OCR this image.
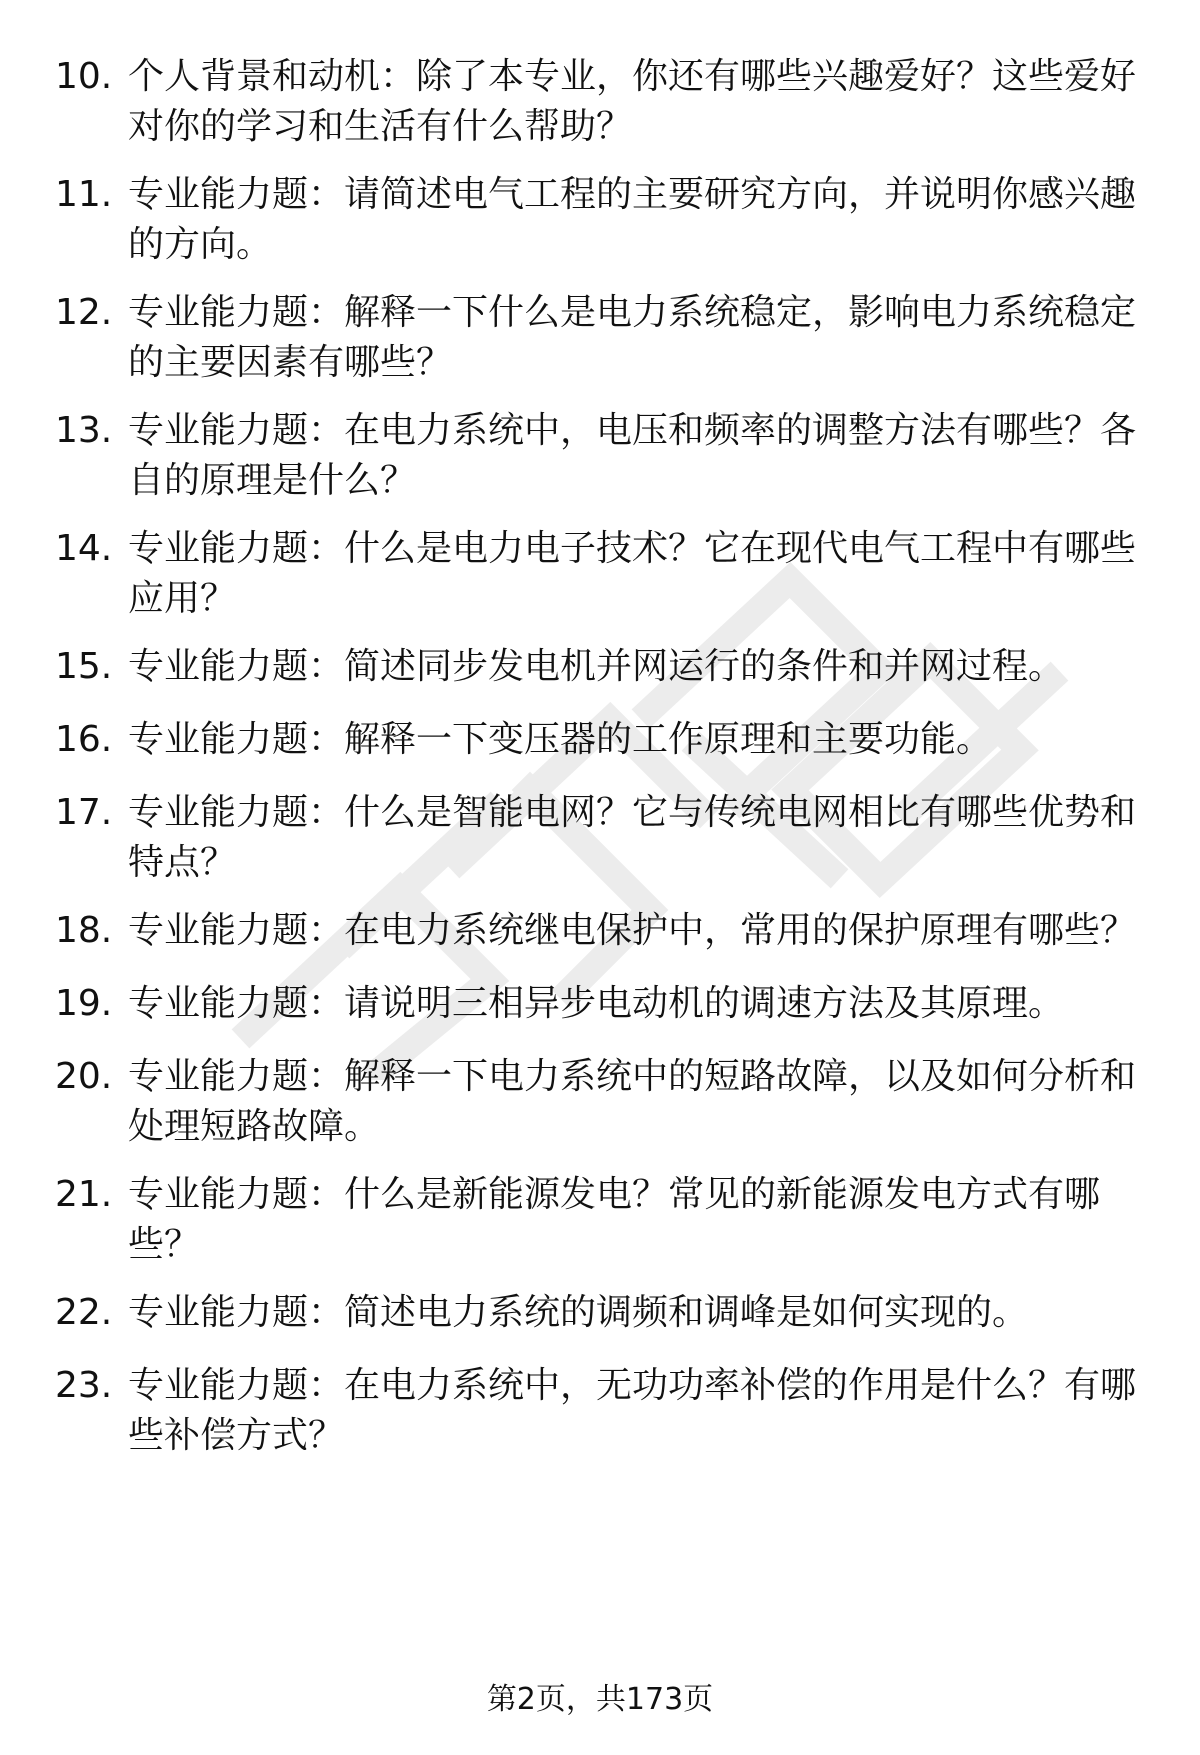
10. 个人背景和动机：除了本专业，你还有哪些兴趣爱好？这些爱好对你的学习和生活有什么帮助？
11. 专业能力题：请简述电气工程的主要研究方向，并说明你感兴趣的方向。
12. 专业能力题：解释一下什么是电力系统稳定，影响电力系统稳定的主要因素有哪些？
13. 专业能力题：在电力系统中，电压和频率的调整方法有哪些？各自的原理是什么？
14. 专业能力题：什么是电力电子技术？它在现代电气工程中有哪些应用？
15. 专业能力题：简述同步发电机并网运行的条件和并网过程。
16. 专业能力题：解释一下变压器的工作原理和主要功能。
17. 专业能力题：什么是智能电网？它与传统电网相比有哪些优势和特点？
18. 专业能力题：在电力系统继电保护中，常用的保护原理有哪些？
19. 专业能力题：请说明三相异步电动机的调速方法及其原理。
20. 专业能力题：解释一下电力系统中的短路故障，以及如何分析和处理短路故障。
21. 专业能力题：什么是新能源发电？常见的新能源发电方式有哪些？
22. 专业能力题：简述电力系统的调频和调峰是如何实现的。
23. 专业能力题：在电力系统中，无功功率补偿的作用是什么？有哪些补偿方式？
第2页，共173页
